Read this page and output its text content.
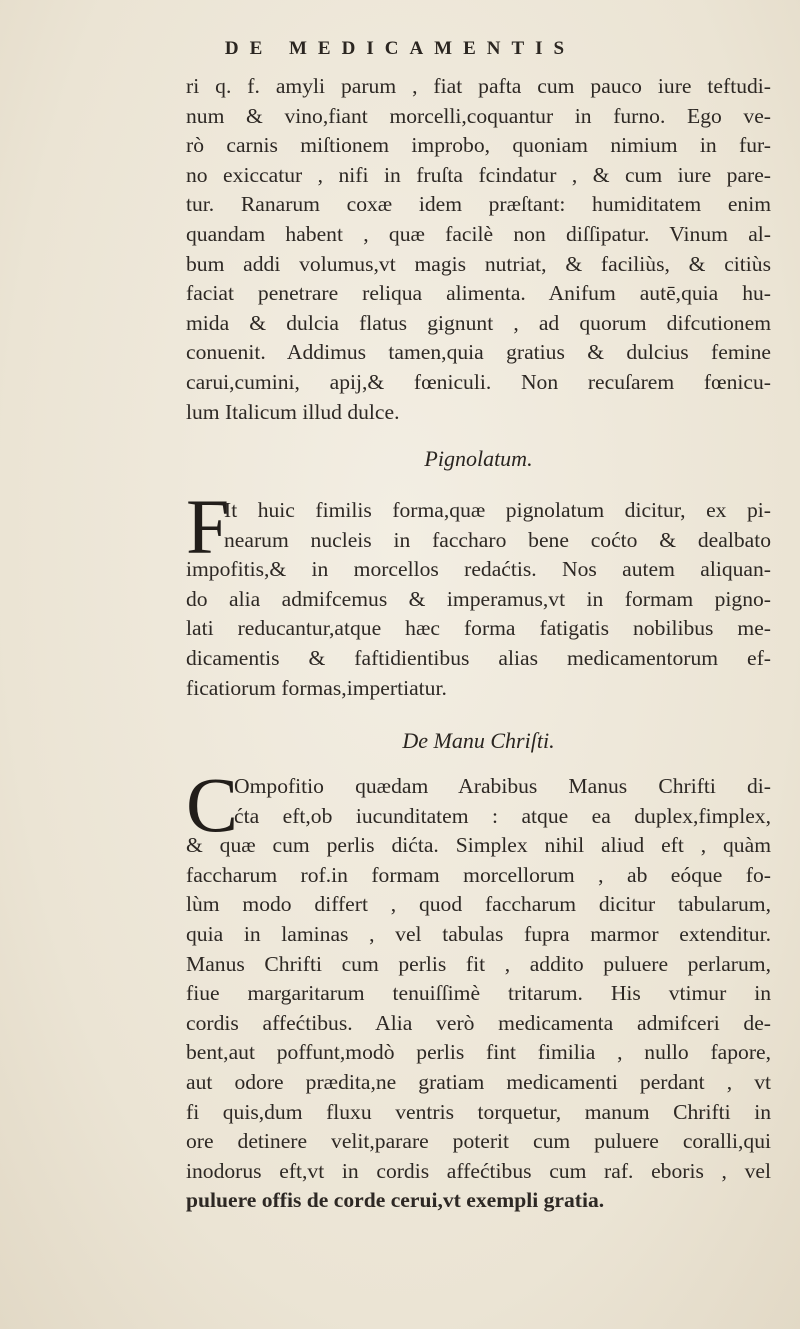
DE MEDICAMENTIS
ri q. f. amyli parum , fiat pafta cum pauco iure teftudi-
num & vino,fiant morcelli,coquantur in furno. Ego ve-
rò carnis miſtionem improbo, quoniam nimium in fur-
no exiccatur , nifi in fruſta fcindatur , & cum iure pare-
tur. Ranarum coxæ idem præſtant: humiditatem enim
quandam habent , quæ facilè non diſſipatur. Vinum al-
bum addi volumus,vt magis nutriat, & faciliùs, & citiùs
faciat penetrare reliqua alimenta. Anifum autē,quia hu-
mida & dulcia flatus gignunt , ad quorum difcutionem
conuenit. Addimus tamen,quia gratius & dulcius femine
carui,cumini, apij,& fœniculi. Non recuſarem fœnicu-
lum Italicum illud dulce.
Pignolatum.
F
It huic fimilis forma,quæ pignolatum dicitur, ex pi-
nearum nucleis in faccharo bene coćto & dealbato
impofitis,& in morcellos redaćtis. Nos autem aliquan-
do alia admifcemus & imperamus,vt in formam pigno-
lati reducantur,atque hæc forma fatigatis nobilibus me-
dicamentis & faftidientibus alias medicamentorum ef-
ficatiorum formas,impertiatur.
De Manu Chriſti.
C
Ompofitio quædam Arabibus Manus Chrifti di-
ćta eft,ob iucunditatem : atque ea duplex,fimplex,
& quæ cum perlis dićta. Simplex nihil aliud eft , quàm
faccharum rof.in formam morcellorum , ab eóque fo-
lùm modo differt , quod faccharum dicitur tabularum,
quia in laminas , vel tabulas fupra marmor extenditur.
Manus Chrifti cum perlis fit , addito puluere perlarum,
fiue margaritarum tenuiſſimè tritarum. His vtimur in
cordis affećtibus. Alia verò medicamenta admifceri de-
bent,aut poffunt,modò perlis fint fimilia , nullo fapore,
aut odore prædita,ne gratiam medicamenti perdant , vt
fi quis,dum fluxu ventris torquetur, manum Chrifti in
ore detinere velit,parare poterit cum puluere coralli,qui
inodorus eft,vt in cordis affećtibus cum raf. eboris , vel
puluere offis de corde cerui,vt exempli gratia.
